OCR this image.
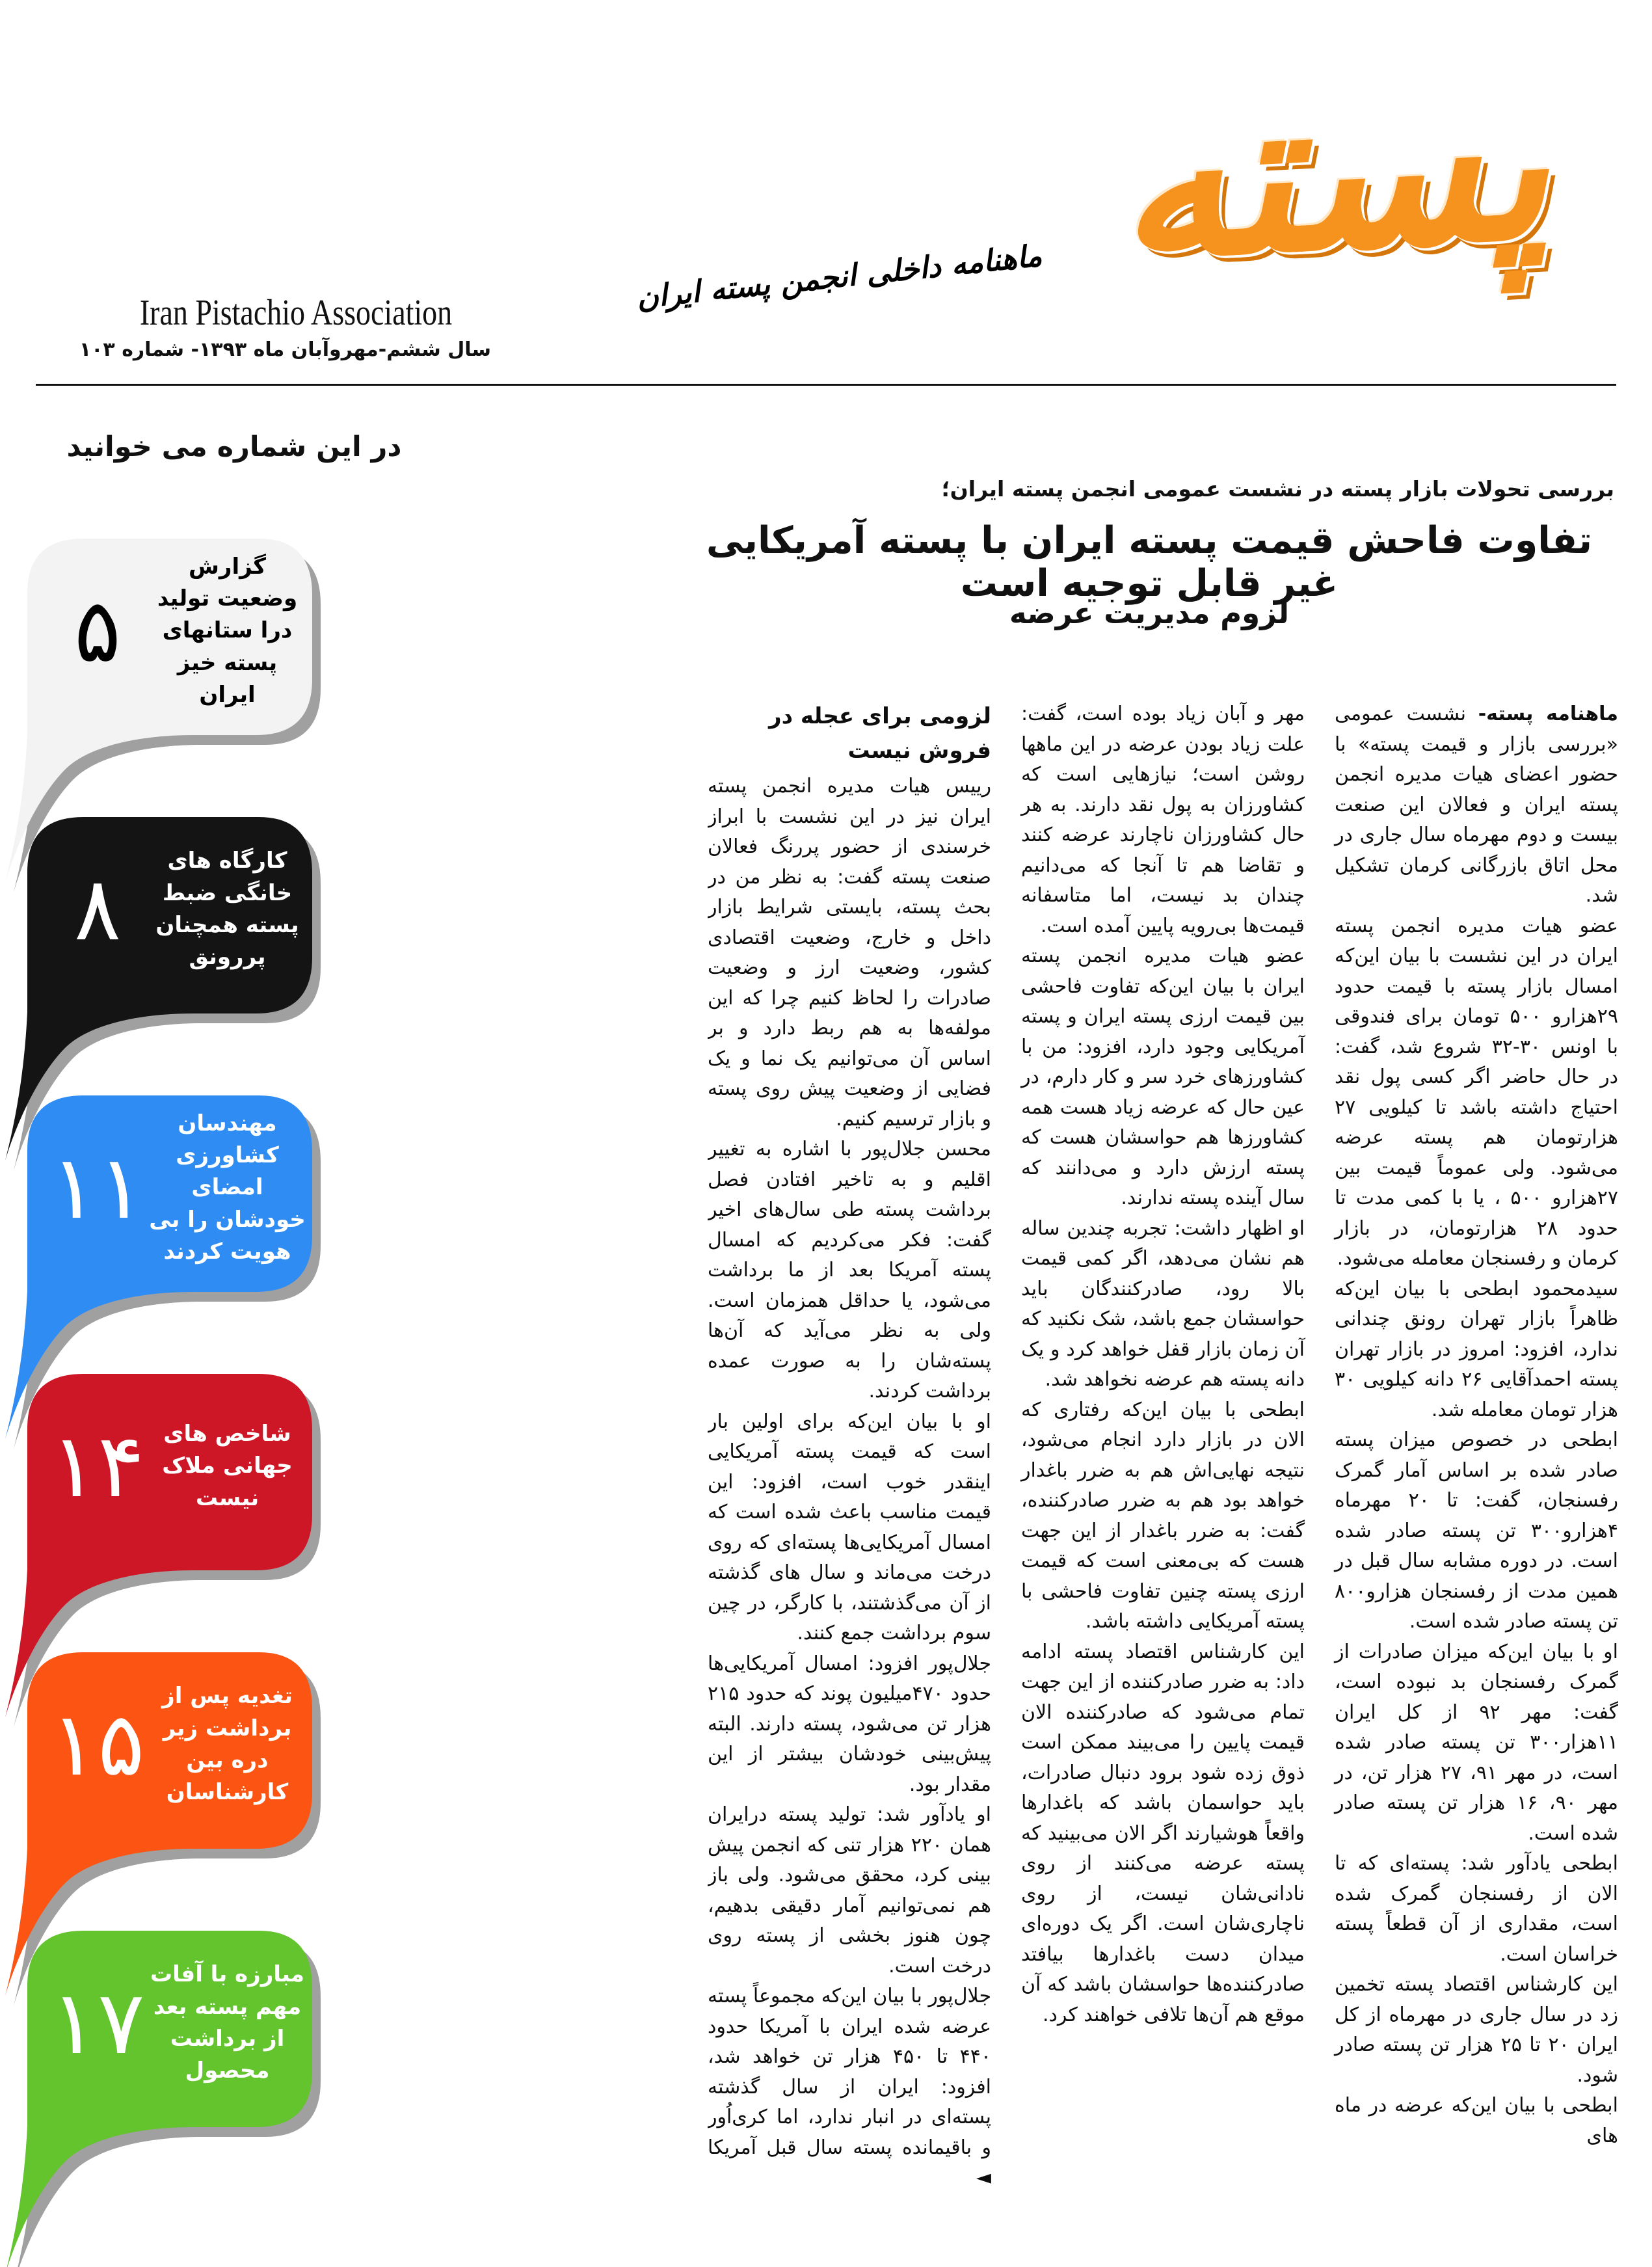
Iran Pistachio Association
سال ششم-مهروآبان ماه ۱۳۹۳- شماره ۱۰۳
پسته
ماهنامه داخلی انجمن پسته ایران
در این شماره می خوانید
۵
گزارش وضعیت تولید درا ستانهای پسته خیز ایران
۸	کارگاه های خانگی ضبط پسته همچنان پررونق
۱۱
مهندسان کشاورزی امضای خودشان را بی هویت کردند
۱۴ شاخص های جهانی ملاک نیست
۱۵ تغدیه پس از برداشت زیر دره بین کارشناسان
۱۷ مبارزه با آفات مهم پسته بعد از برداشت محصول
بررسی تحولات بازار پسته در نشست عمومی انجمن پسته ایران؛
تفاوت فاحش قیمت پسته ایران با پسته آمریکایی غیر قابل توجیه است
لزوم مدیریت عرضه

ماهنامه پسته- نشست عمومی «بررسی بازار و قیمت پسته» با حضور اعضای هیات مدیره انجمن پسته ایران و فعالان این صنعت بیست و دوم مهرماه سال جاری در محل اتاق بازرگانی کرمان تشکیل شد.

عضو هیات مدیره انجمن پسته ایران در این نشست با بیان این‌که امسال بازار پسته با قیمت حدود ۲۹هزارو ۵۰۰ تومان برای فندوقی با اونس ۳۰-۳۲ شروع شد، گفت: در حال حاضر اگر کسی پول نقد احتیاج داشته باشد تا کیلویی ۲۷ هزارتومان هم پسته عرضه می‌شود. ولی عموماً قیمت بین ۲۷هزارو ۵۰۰ ، یا با کمی مدت تا حدود ۲۸ هزارتومان، در بازار کرمان و رفسنجان معامله می‌شود.

سیدمحمود ابطحی با بیان این‌که ظاهراً بازار تهران رونق چندانی ندارد، افزود: امروز در بازار تهران پسته احمدآقایی ۲۶ دانه کیلویی ۳۰ هزار تومان معامله شد.

ابطحی در خصوص میزان پسته صادر شده بر اساس آمار گمرک رفسنجان، گفت: تا ۲۰ مهرماه ۴هزارو۳۰۰ تن پسته صادر شده است. در دوره مشابه سال قبل در همین مدت از رفسنجان هزارو۸۰۰ تن پسته صادر شده است.

او با بیان این‌که میزان صادرات از گمرک رفسنجان بد نبوده است، گفت: مهر ۹۲ از کل ایران ۱۱هزار۳۰۰ تن پسته صادر شده است، در مهر ۹۱، ۲۷ هزار تن، در مهر ۹۰، ۱۶ هزار تن پسته صادر شده است.

ابطحی یادآور شد: پسته‌ای که تا الان از رفسنجان گمرک شده است، مقداری از آن قطعاً پسته خراسان است.

این کارشناس اقتصاد پسته تخمین زد در سال جاری در مهرماه از کل ایران ۲۰ تا ۲۵ هزار تن پسته صادر شود.

ابطحی با بیان این‌که عرضه در ماه های

مهر و آبان زیاد بوده است، گفت: علت زیاد بودن عرضه در این ماهها روشن است؛ نیازهایی است که کشاورزان به پول نقد دارند. به هر حال کشاورزان ناچارند عرضه کنند و تقاضا هم تا آنجا که می‌دانیم چندان بد نیست، اما متاسفانه قیمت‌ها بی‌رویه پایین آمده است.

عضو هیات مدیره انجمن پسته ایران با بیان این‌که تفاوت فاحشی بین قیمت ارزی پسته ایران و پسته آمریکایی وجود دارد، افزود: من با کشاورزهای خرد سر و کار دارم، در عین حال که عرضه زیاد هست همه کشاورزها هم حواسشان هست که پسته ارزش دارد و می‌دانند که سال آینده پسته ندارند.

او اظهار داشت: تجربه چندین ساله هم نشان می‌دهد، اگر کمی قیمت بالا رود، صادرکنندگان باید حواسشان جمع باشد، شک نکنید که آن زمان بازار قفل خواهد کرد و یک دانه پسته هم عرضه نخواهد شد.

ابطحی با بیان این‌که رفتاری که الان در بازار دارد انجام می‌شود، نتیجه نهایی‌اش هم به ضرر باغدار خواهد بود هم به ضرر صادرکننده، گفت: به ضرر باغدار از این جهت هست که بی‌معنی است که قیمت ارزی پسته چنین تفاوت فاحشی با پسته آمریکایی داشته باشد.

این کارشناس اقتصاد پسته ادامه داد: به ضرر صادرکننده از این جهت تمام می‌شود که صادرکننده الان قیمت پایین را می‌بیند ممکن است ذوق زده شود برود دنبال صادرات، باید حواسمان باشد که باغدارها واقعاً هوشیارند اگر الان می‌بینید که پسته عرضه می‌کنند از روی نادانی‌شان نیست، از روی ناچاری‌شان است. اگر یک دوره‌ای میدان دست باغدارها بیافتد صادرکننده‌ها حواسشان باشد که آن موقع هم آن‌ها تلافی خواهند کرد.

لزومی برای عجله در فروش نیست

رییس هیات مدیره انجمن پسته ایران نیز در این نشست با ابراز خرسندی از حضور پررنگ فعالان صنعت پسته گفت: به نظر من در بحث پسته، بایستی شرایط بازار داخل و خارج، وضعیت اقتصادی کشور، وضعیت ارز و وضعیت صادرات را لحاظ کنیم چرا که این مولفه‌ها به هم ربط دارد و بر اساس آن می‌توانیم یک نما و یک فضایی از وضعیت پیش روی پسته و بازار ترسیم کنیم.

محسن جلال‌پور با اشاره به تغییر اقلیم و به تاخیر افتادن فصل برداشت پسته طی سال‌های اخیر گفت: فکر می‌کردیم که امسال پسته آمریکا بعد از ما برداشت می‌شود، یا حداقل همزمان است. ولی به نظر می‌آید که آن‌ها پسته‌شان را به صورت عمده برداشت کردند.

او با بیان این‌که برای اولین بار است که قیمت پسته آمریکایی اینقدر خوب است، افزود: این قیمت مناسب باعث شده است که امسال آمریکایی‌ها پسته‌ای که روی درخت می‌ماند و سال های گذشته از آن می‌گذشتند، با کارگر، در چین سوم برداشت جمع کنند.

جلال‌پور افزود: امسال آمریکایی‌ها حدود ۴۷۰میلیون پوند که حدود ۲۱۵ هزار تن می‌شود، پسته دارند. البته پیش‌بینی خودشان بیشتر از این مقدار بود.

او یادآور شد: تولید پسته درایران همان ۲۲۰ هزار تنی که انجمن پیش بینی کرد، محقق می‌شود. ولی باز هم نمی‌توانیم آمار دقیقی بدهیم، چون هنوز بخشی از پسته روی درخت است.

جلال‌پور با بیان این‌که مجموعاً پسته عرضه شده ایران با آمریکا حدود ۴۴۰ تا ۴۵۰ هزار تن خواهد شد، افزود: ایران از سال گذشته پسته‌ای در انبار ندارد، اما کری‌اُور و باقیمانده پسته سال قبل آمریکا ◄
